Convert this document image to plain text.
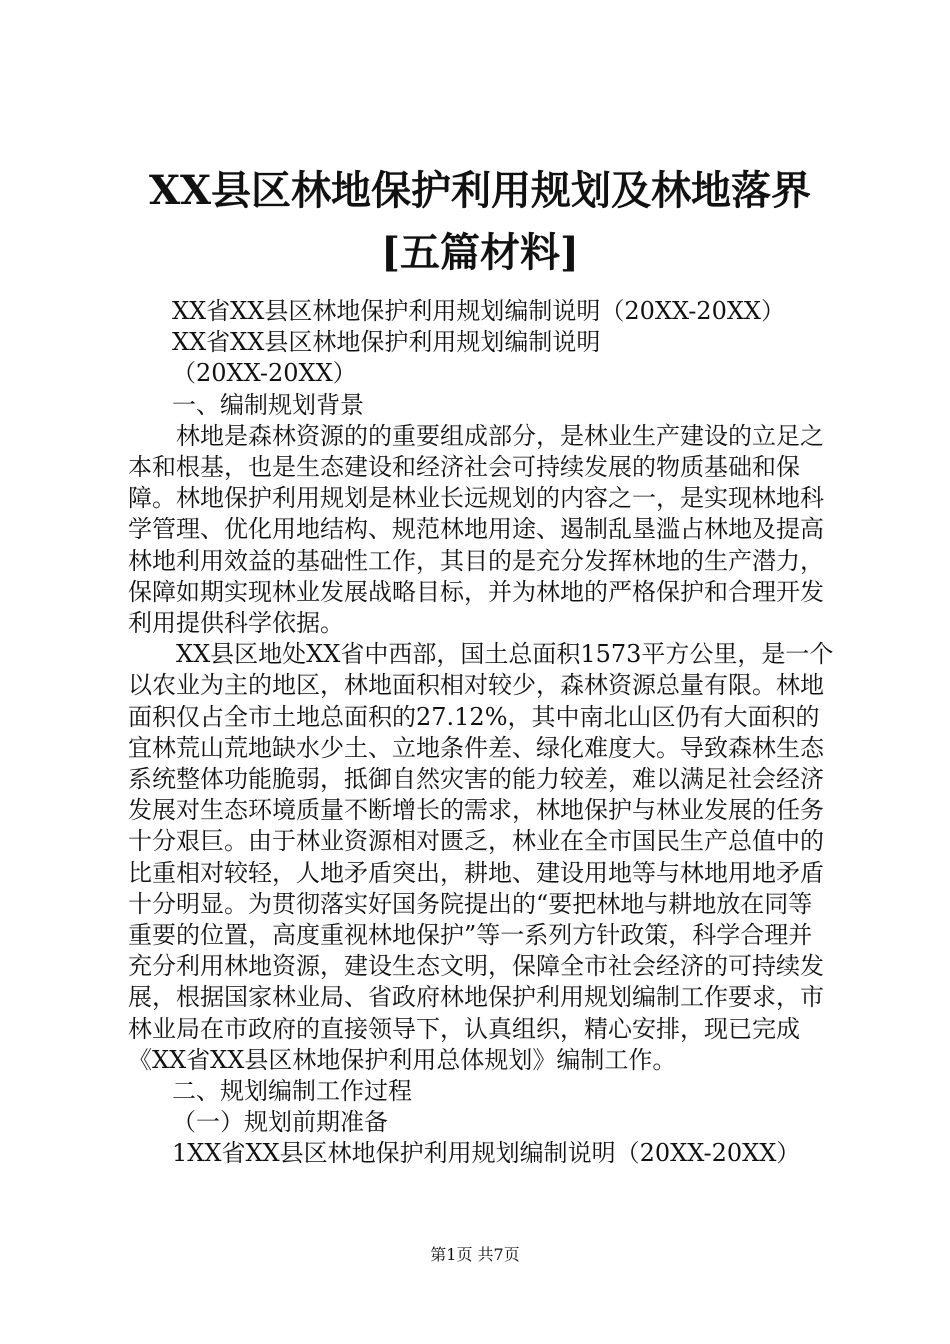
XX县区林地保护利用规划及林地落界[五篇材料]

XX省XX县区林地保护利用规划编制说明（20XX-20XX）

XX省XX县区林地保护利用规划编制说明

（20XX-20XX）

一、编制规划背景

林地是森林资源的的重要组成部分，是林业生产建设的立足之本和根基，也是生态建设和经济社会可持续发展的物质基础和保障。林地保护利用规划是林业长远规划的内容之一，是实现林地科学管理、优化用地结构、规范林地用途、遏制乱垦滥占林地及提高林地利用效益的基础性工作，其目的是充分发挥林地的生产潜力，保障如期实现林业发展战略目标，并为林地的严格保护和合理开发利用提供科学依据。

XX县区地处XX省中西部，国土总面积1573平方公里，是一个以农业为主的地区，林地面积相对较少，森林资源总量有限。林地面积仅占全市土地总面积的27.12%，其中南北山区仍有大面积的宜林荒山荒地缺水少土、立地条件差、绿化难度大。导致森林生态系统整体功能脆弱，抵御自然灾害的能力较差，难以满足社会经济发展对生态环境质量不断增长的需求，林地保护与林业发展的任务十分艰巨。由于林业资源相对匮乏，林业在全市国民生产总值中的比重相对较轻，人地矛盾突出，耕地、建设用地等与林地用地矛盾十分明显。为贯彻落实好国务院提出的“要把林地与耕地放在同等重要的位置，高度重视林地保护”等一系列方针政策，科学合理并充分利用林地资源，建设生态文明，保障全市社会经济的可持续发展，根据国家林业局、省政府林地保护利用规划编制工作要求，市林业局在市政府的直接领导下，认真组织，精心安排，现已完成《XX省XX县区林地保护利用总体规划》编制工作。

二、规划编制工作过程

（一）规划前期准备

1XX省XX县区林地保护利用规划编制说明（20XX-20XX）

第1页 共7页
